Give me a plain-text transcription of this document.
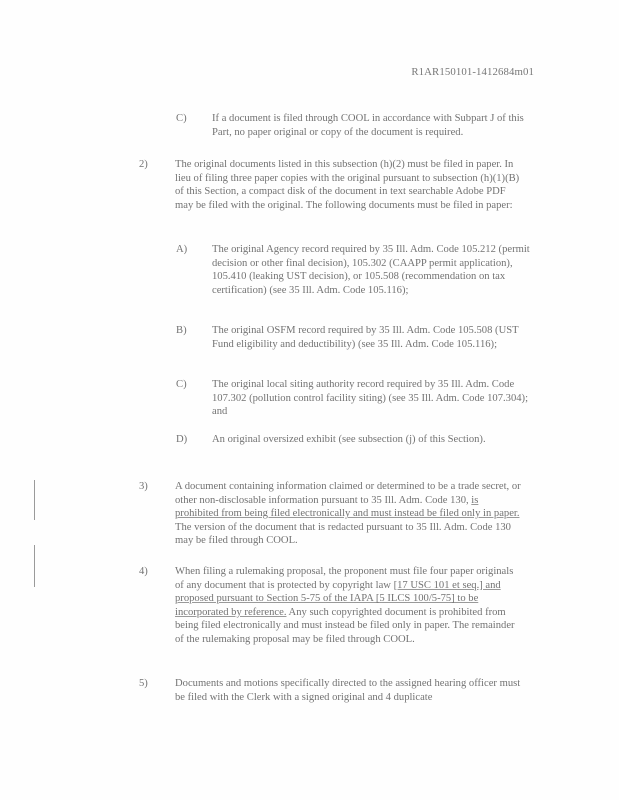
R1AR150101-1412684m01
C) If a document is filed through COOL in accordance with Subpart J of this Part, no paper original or copy of the document is required.
2)	The original documents listed in this subsection (h)(2) must be filed in paper. In lieu of filing three paper copies with the original pursuant to subsection (h)(1)(B) of this Section, a compact disk of the document in text searchable Adobe PDF may be filed with the original. The following documents must be filed in paper:
A) The original Agency record required by 35 Ill. Adm. Code 105.212 (permit decision or other final decision), 105.302 (CAAPP permit application), 105.410 (leaking UST decision), or 105.508 (recommendation on tax certification) (see 35 Ill. Adm. Code 105.116);
B) The original OSFM record required by 35 Ill. Adm. Code 105.508 (UST Fund eligibility and deductibility) (see 35 Ill. Adm. Code 105.116);
C) The original local siting authority record required by 35 Ill. Adm. Code 107.302 (pollution control facility siting) (see 35 Ill. Adm. Code 107.304); and
D) An original oversized exhibit (see subsection (j) of this Section).
3)	A document containing information claimed or determined to be a trade secret, or other non-disclosable information pursuant to 35 Ill. Adm. Code 130, is prohibited from being filed electronically and must instead be filed only in paper. The version of the document that is redacted pursuant to 35 Ill. Adm. Code 130 may be filed through COOL.
4)	When filing a rulemaking proposal, the proponent must file four paper originals of any document that is protected by copyright law [17 USC 101 et seq.] and proposed pursuant to Section 5-75 of the IAPA [5 ILCS 100/5-75] to be incorporated by reference. Any such copyrighted document is prohibited from being filed electronically and must instead be filed only in paper. The remainder of the rulemaking proposal may be filed through COOL.
5)	Documents and motions specifically directed to the assigned hearing officer must be filed with the Clerk with a signed original and 4 duplicate
